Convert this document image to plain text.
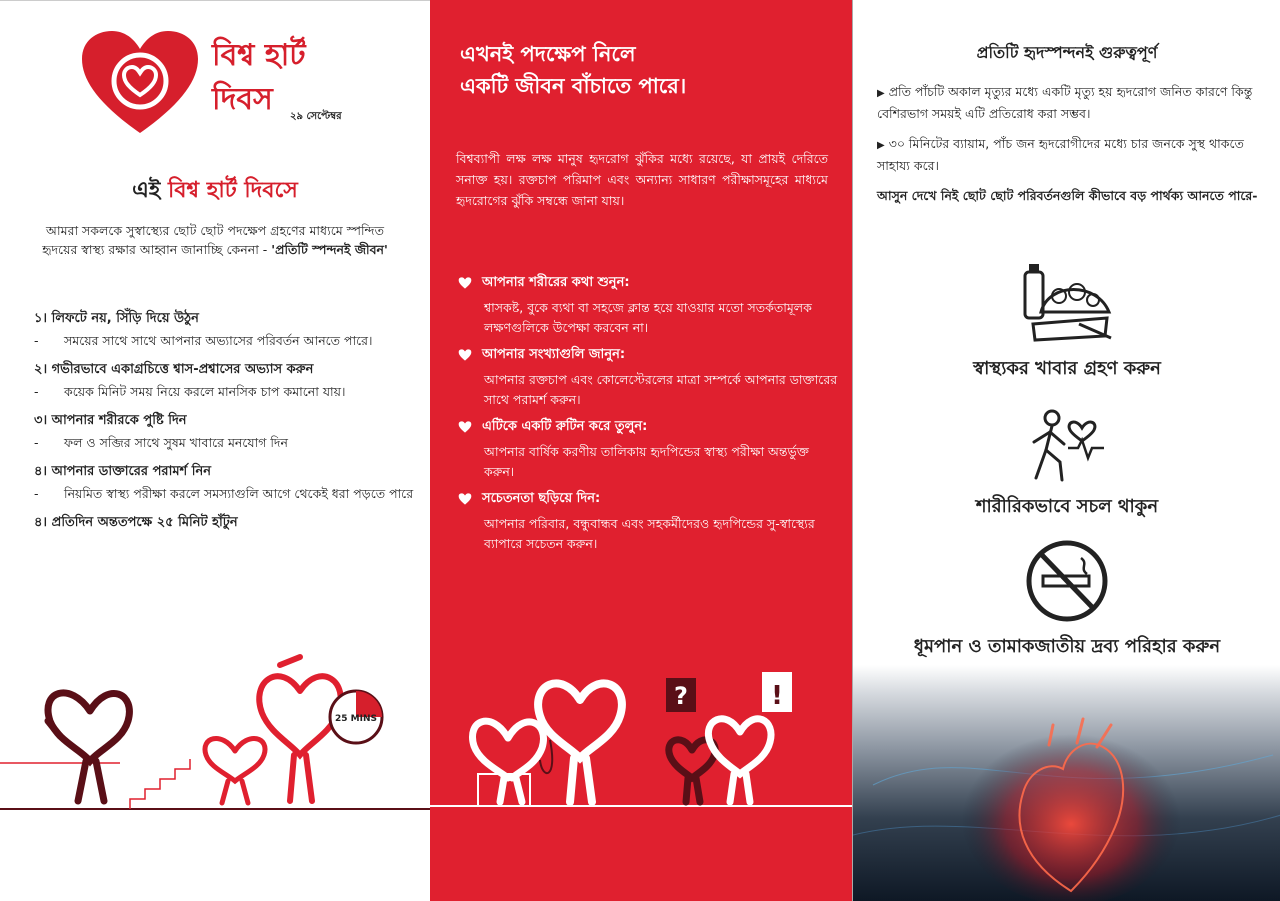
বিশ্ব হার্ট
দিবস	২৯ সেপ্টেম্বর
এই বিশ্ব হার্ট দিবসে
আমরা সকলকে সুস্বাস্থ্যের ছোট ছোট পদক্ষেপ গ্রহণের মাধ্যমে স্পন্দিত হৃদয়ের স্বাস্থ্য রক্ষার আহ্বান জানাচ্ছি কেননা - 'প্রতিটি স্পন্দনই জীবন'
১। লিফটে নয়, সিঁড়ি দিয়ে উঠুন
-	সময়ের সাথে সাথে আপনার অভ্যাসের পরিবর্তন আনতে পারে।
২। গভীরভাবে একাগ্রচিত্তে শ্বাস-প্রশ্বাসের অভ্যাস করুন
-	কয়েক মিনিট সময় নিয়ে করলে মানসিক চাপ কমানো যায়।
৩। আপনার শরীরকে পুষ্টি দিন
-	ফল ও সব্জির সাথে সুষম খাবারে মনযোগ দিন
৪। আপনার ডাক্তারের পরামর্শ নিন
-	নিয়মিত স্বাস্থ্য পরীক্ষা করলে সমস্যাগুলি আগে থেকেই ধরা পড়তে পারে
৪। প্রতিদিন অন্ততপক্ষে ২৫ মিনিট হাঁটুন
25 MINS
এখনই পদক্ষেপ নিলে
একটি জীবন বাঁচাতে পারে।
বিশ্বব্যাপী লক্ষ লক্ষ মানুষ হৃদরোগ ঝুঁকির মধ্যে রয়েছে, যা প্রায়ই দেরিতে সনাক্ত হয়। রক্তচাপ পরিমাপ এবং অন্যান্য সাধারণ পরীক্ষাসমূহের মাধ্যমে হৃদরোগের ঝুঁকি সম্বন্ধে জানা যায়।
আপনার শরীরের কথা শুনুন:
শ্বাসকষ্ট, বুকে ব্যথা বা সহজে ক্লান্ত হয়ে যাওয়ার মতো সতর্কতামূলক লক্ষণগুলিকে উপেক্ষা করবেন না।
আপনার সংখ্যাগুলি জানুন:
আপনার রক্তচাপ এবং কোলেস্টেরলের মাত্রা সম্পর্কে আপনার ডাক্তারের সাথে পরামর্শ করুন।
এটিকে একটি রুটিন করে তুলুন:
আপনার বার্ষিক করণীয় তালিকায় হৃদপিন্ডের স্বাস্থ্য পরীক্ষা অন্তর্ভুক্ত করুন।
সচেতনতা ছড়িয়ে দিন:
আপনার পরিবার, বন্ধুবান্ধব এবং সহকর্মীদেরও হৃদপিন্ডের সু-স্বাস্থ্যের ব্যাপারে সচেতন করুন।
?	!
প্রতিটি হৃদস্পন্দনই গুরুত্বপূর্ণ
▶ প্রতি পাঁচটি অকাল মৃত্যুর মধ্যে একটি মৃত্যু হয় হৃদরোগ জনিত কারণে কিন্তু বেশিরভাগ সময়ই এটি প্রতিরোধ করা সম্ভব।
▶ ৩০ মিনিটের ব্যায়াম, পাঁচ জন হৃদরোগীদের মধ্যে চার জনকে সুস্থ থাকতে সাহায্য করে।
আসুন দেখে নিই ছোট ছোট পরিবর্তনগুলি কীভাবে বড় পার্থক্য আনতে পারে-
স্বাস্থ্যকর খাবার গ্রহণ করুন
শারীরিকভাবে সচল থাকুন
ধূমপান ও তামাকজাতীয় দ্রব্য পরিহার করুন
